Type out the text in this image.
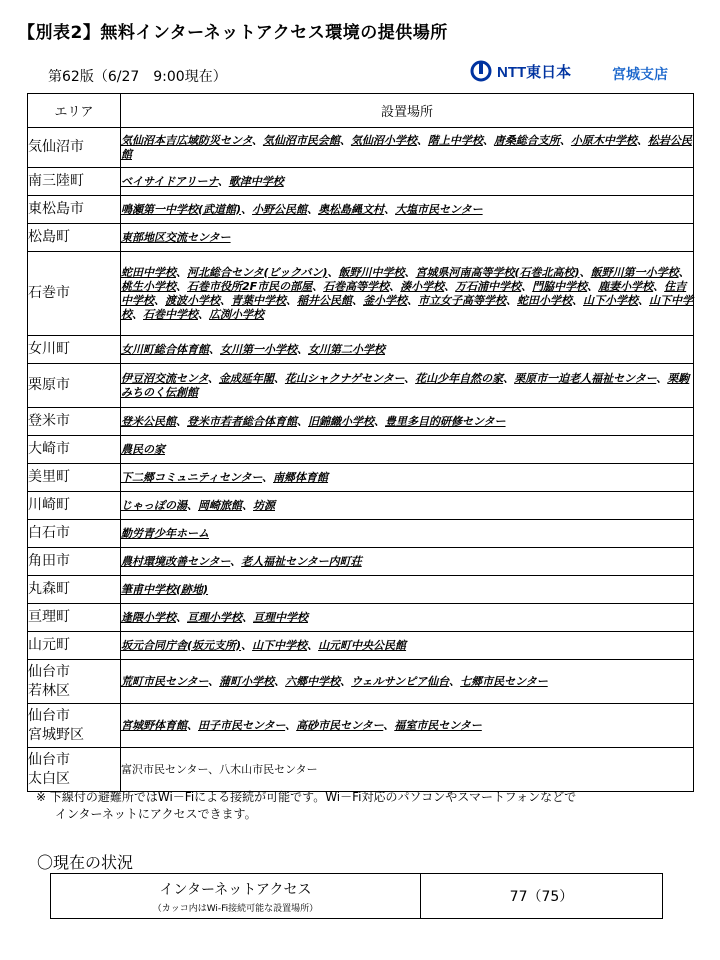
【別表2】無料インターネットアクセス環境の提供場所
第62版（6/27　9:00現在）	NTT東日本	宮城支店
エリア	設置場所

気仙沼市	気仙沼本吉広域防災センタ、気仙沼市民会館、気仙沼小学校、階上中学校、唐桑総合支所、小原木中学校、松岩公民館

南三陸町	ベイサイドアリーナ、歌津中学校

東松島市	鳴瀬第一中学校(武道館)、小野公民館、奥松島縄文村、大塩市民センター

松島町	東部地区交流センター

石巻市	蛇田中学校、河北総合センタ(ビックバン)、飯野川中学校、宮城県河南高等学校(石巻北高校)、飯野川第一小学校、桃生小学校、石巻市役所2F市民の部屋、石巻高等学校、湊小学校、万石浦中学校、門脇中学校、鹿妻小学校、住吉中学校、渡波小学校、青葉中学校、稲井公民館、釜小学校、市立女子高等学校、蛇田小学校、山下小学校、山下中学校、石巻中学校、広渕小学校

女川町	女川町総合体育館、女川第一小学校、女川第二小学校

栗原市	伊豆沼交流センタ、金成延年閣、花山シャクナゲセンター、花山少年自然の家、栗原市一迫老人福祉センター、栗駒みちのく伝創館

登米市	登米公民館、登米市若者総合体育館、旧錦織小学校、豊里多目的研修センター

大崎市	農民の家

美里町	下二郷コミュニティセンター、南郷体育館

川崎町	じゃっぽの湯、岡崎旅館、坊源

白石市	勤労青少年ホーム

角田市	農村環境改善センター、老人福祉センター内町荘

丸森町	筆甫中学校(跡地)

亘理町	逢隈小学校、亘理小学校、亘理中学校

山元町	坂元合同庁舎(坂元支所)、山下中学校、山元町中央公民館

仙台市
若林区	荒町市民センター、蒲町小学校、六郷中学校、ウェルサンピア仙台、七郷市民センター

仙台市
宮城野区	宮城野体育館、田子市民センター、高砂市民センター、福室市民センター

仙台市
太白区	富沢市民センター、八木山市民センター
※ 下線付の避難所ではWi－Fiによる接続が可能です。Wi－Fi対応のパソコンやスマートフォンなどで
インターネットにアクセスできます。
〇現在の状況
インターネットアクセス
（カッコ内はWi-Fi接続可能な設置場所）
	77（75）
